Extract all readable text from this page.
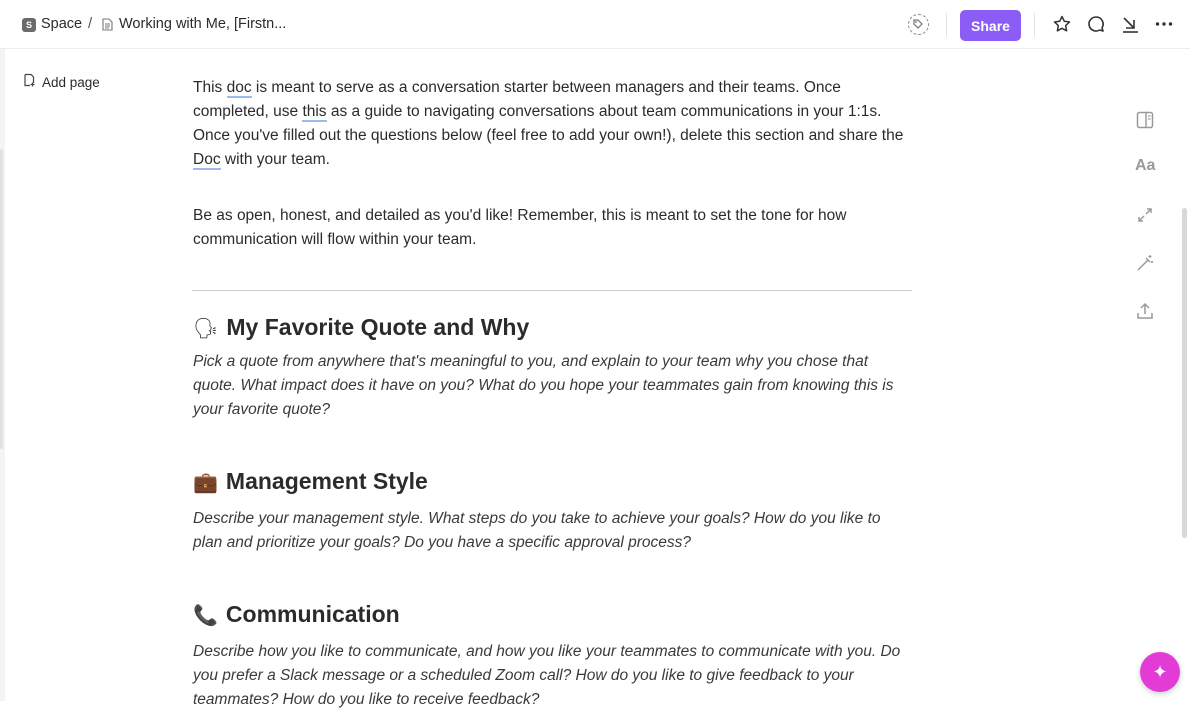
S Space / Working with Me, [Firstn...	Share
Add page	This doc is meant to serve as a conversation starter between managers and their teams. Once completed, use this as a guide to navigating conversations about team communications in your 1:1s. Once you've filled out the questions below (feel free to add your own!), delete this section and share the Doc with your team.

Be as open, honest, and detailed as you'd like! Remember, this is meant to set the tone for how communication will flow within your team.

🗣 My Favorite Quote and Why

Pick a quote from anywhere that's meaningful to you, and explain to your team why you chose that quote. What impact does it have on you? What do you hope your teammates gain from knowing this is your favorite quote?

💼 Management Style

Describe your management style. What steps do you take to achieve your goals? How do you like to plan and prioritize your goals? Do you have a specific approval process?

📞 Communication

Describe how you like to communicate, and how you like your teammates to communicate with you. Do you prefer a Slack message or a scheduled Zoom call? How do you like to give feedback to your teammates? How do you like to receive feedback?

Aa
✦
